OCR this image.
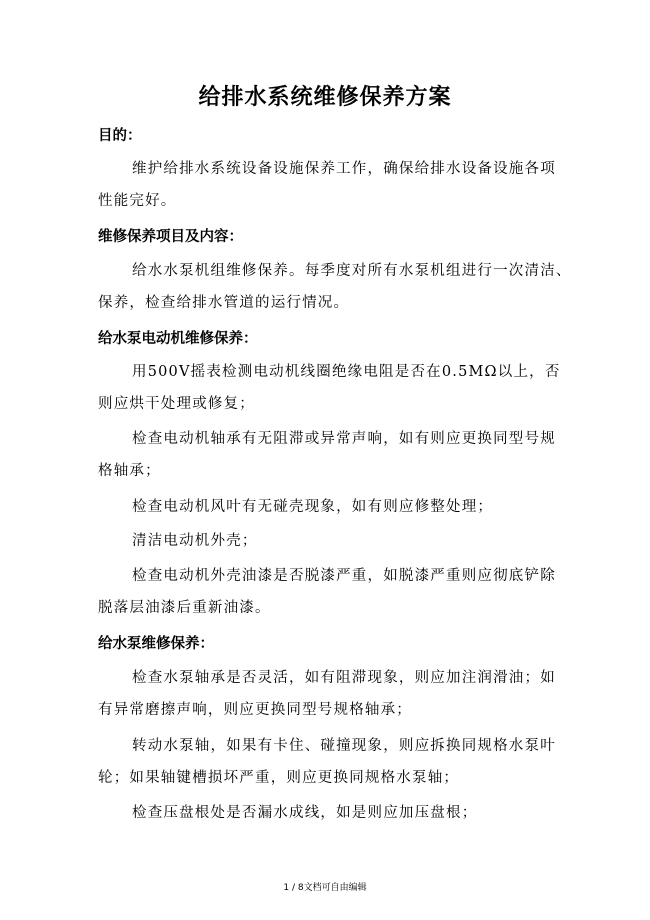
给排水系统维修保养方案
目的：
维护给排水系统设备设施保养工作，确保给排水设备设施各项
性能完好。
维修保养项目及内容：
给水水泵机组维修保养。每季度对所有水泵机组进行一次清洁、
保养，检查给排水管道的运行情况。
给水泵电动机维修保养：
用500V摇表检测电动机线圈绝缘电阻是否在0.5MΩ以上，否
则应烘干处理或修复；
检查电动机轴承有无阻滞或异常声响，如有则应更换同型号规
格轴承；
检查电动机风叶有无碰壳现象，如有则应修整处理；
清洁电动机外壳；
检查电动机外壳油漆是否脱漆严重，如脱漆严重则应彻底铲除
脱落层油漆后重新油漆。
给水泵维修保养：
检查水泵轴承是否灵活，如有阻滞现象，则应加注润滑油；如
有异常磨擦声响，则应更换同型号规格轴承；
转动水泵轴，如果有卡住、碰撞现象，则应拆换同规格水泵叶
轮；如果轴键槽损坏严重，则应更换同规格水泵轴；
检查压盘根处是否漏水成线，如是则应加压盘根；
1 / 8文档可自由编辑
